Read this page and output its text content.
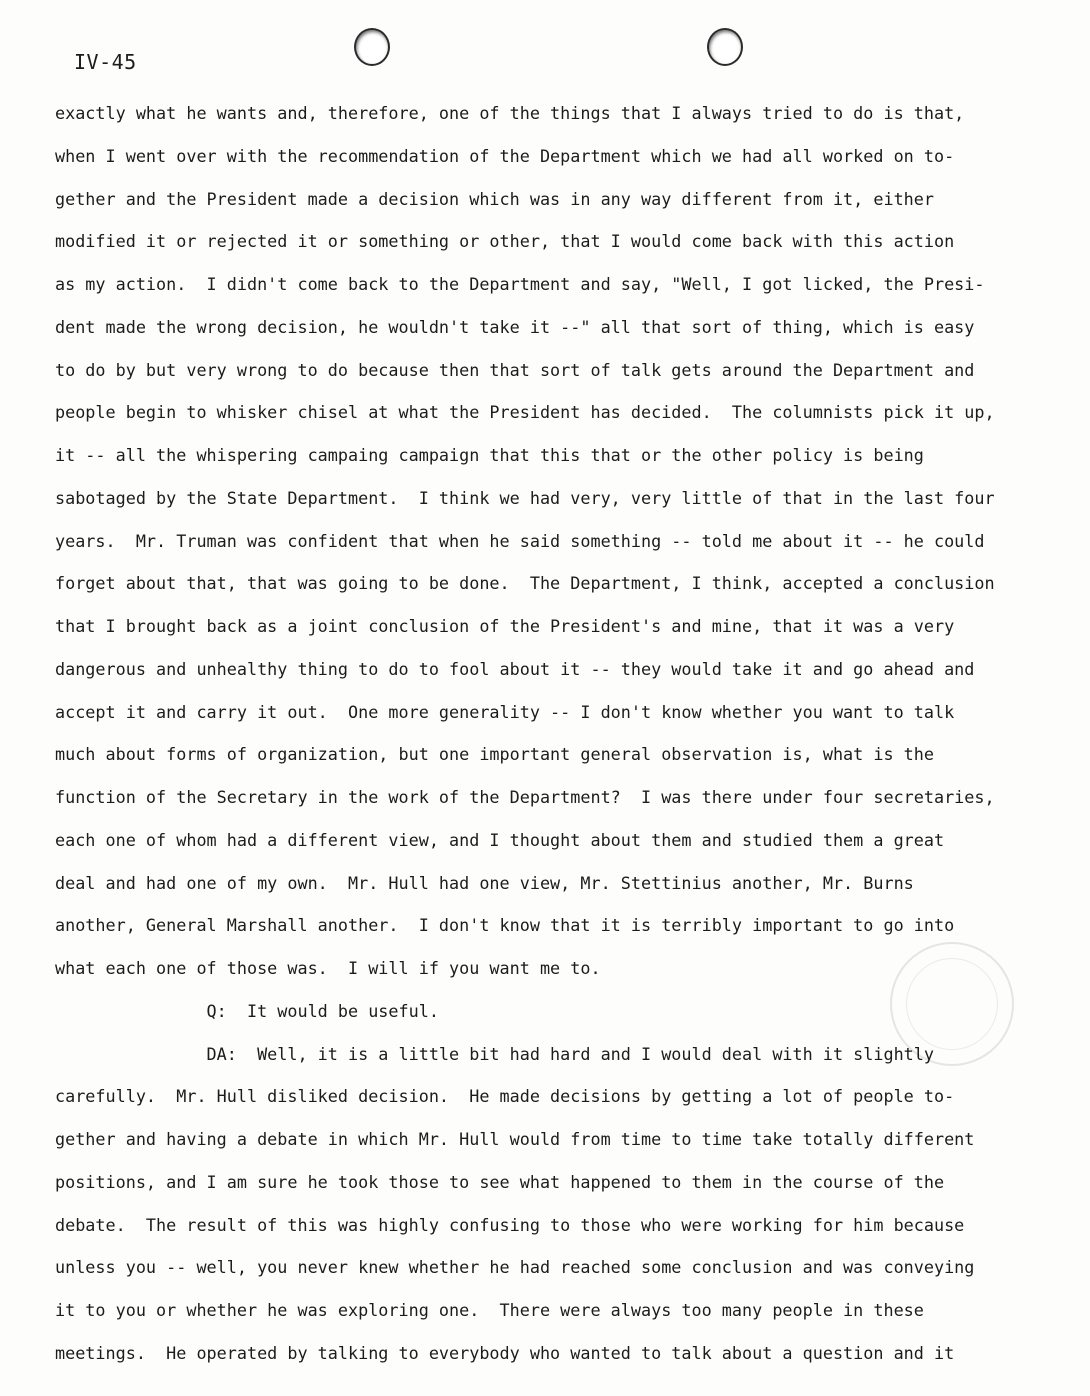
IV-45
exactly what he wants and, therefore, one of the things that I always tried to do is that,
when I went over with the recommendation of the Department which we had all worked on to-
gether and the President made a decision which was in any way different from it, either
modified it or rejected it or something or other, that I would come back with this action
as my action.  I didn't come back to the Department and say, "Well, I got licked, the Presi-
dent made the wrong decision, he wouldn't take it --" all that sort of thing, which is easy
to do by but very wrong to do because then that sort of talk gets around the Department and
people begin to whisker chisel at what the President has decided.  The columnists pick it up,
it -- all the whispering campaing campaign that this that or the other policy is being
sabotaged by the State Department.  I think we had very, very little of that in the last four
years.  Mr. Truman was confident that when he said something -- told me about it -- he could
forget about that, that was going to be done.  The Department, I think, accepted a conclusion
that I brought back as a joint conclusion of the President's and mine, that it was a very
dangerous and unhealthy thing to do to fool about it -- they would take it and go ahead and
accept it and carry it out.  One more generality -- I don't know whether you want to talk
much about forms of organization, but one important general observation is, what is the
function of the Secretary in the work of the Department?  I was there under four secretaries,
each one of whom had a different view, and I thought about them and studied them a great
deal and had one of my own.  Mr. Hull had one view, Mr. Stettinius another, Mr. Burns
another, General Marshall another.  I don't know that it is terribly important to go into
what each one of those was.  I will if you want me to.
Q:  It would be useful.
DA:  Well, it is a little bit had hard and I would deal with it slightly
carefully.  Mr. Hull disliked decision.  He made decisions by getting a lot of people to-
gether and having a debate in which Mr. Hull would from time to time take totally different
positions, and I am sure he took those to see what happened to them in the course of the
debate.  The result of this was highly confusing to those who were working for him because
unless you -- well, you never knew whether he had reached some conclusion and was conveying
it to you or whether he was exploring one.  There were always too many people in these
meetings.  He operated by talking to everybody who wanted to talk about a question and it
